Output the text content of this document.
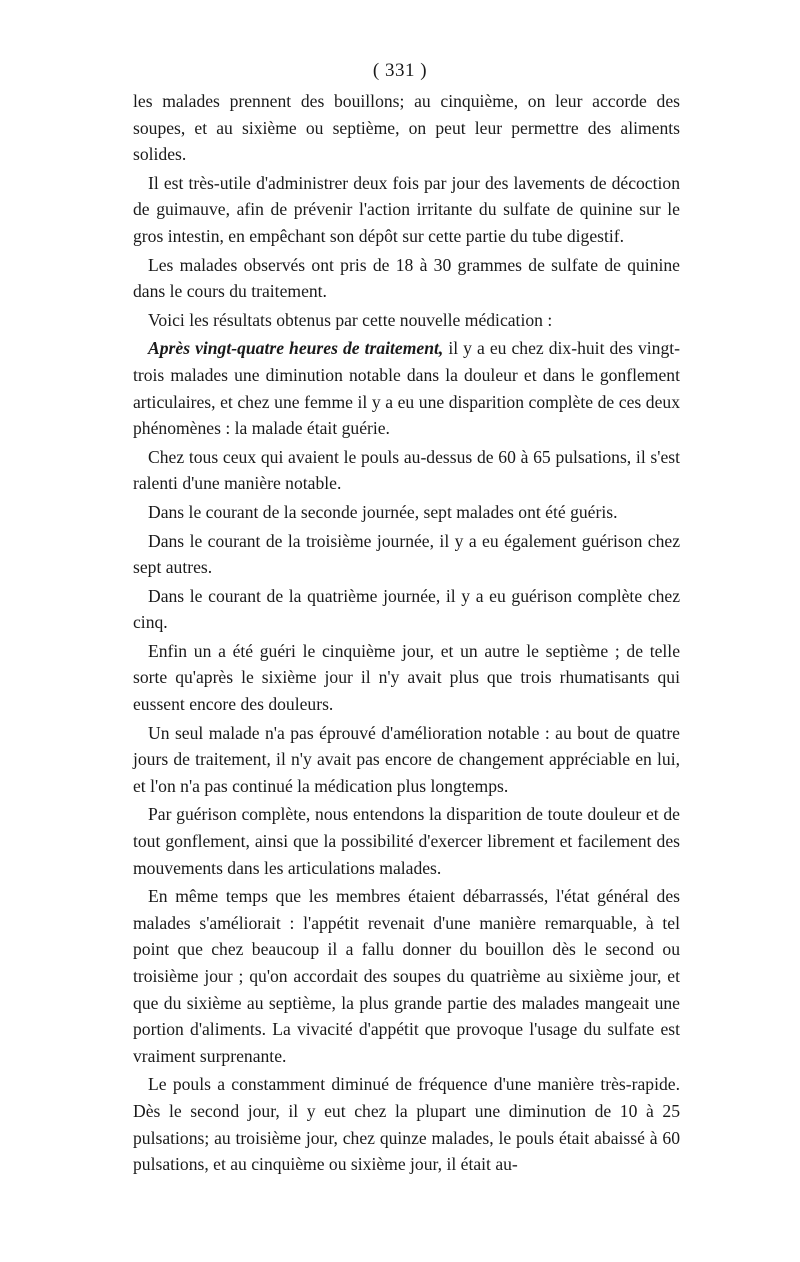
( 331 )

les malades prennent des bouillons; au cinquième, on leur accorde des soupes, et au sixième ou septième, on peut leur permettre des aliments solides.

Il est très-utile d'administrer deux fois par jour des lavements de décoction de guimauve, afin de prévenir l'action irritante du sulfate de quinine sur le gros intestin, en empêchant son dépôt sur cette partie du tube digestif.

Les malades observés ont pris de 18 à 30 grammes de sulfate de quinine dans le cours du traitement.

Voici les résultats obtenus par cette nouvelle médication :

Après vingt-quatre heures de traitement, il y a eu chez dix-huit des vingt-trois malades une diminution notable dans la douleur et dans le gonflement articulaires, et chez une femme il y a eu une disparition complète de ces deux phénomènes : la malade était guérie.

Chez tous ceux qui avaient le pouls au-dessus de 60 à 65 pulsations, il s'est ralenti d'une manière notable.

Dans le courant de la seconde journée, sept malades ont été guéris.

Dans le courant de la troisième journée, il y a eu également guérison chez sept autres.

Dans le courant de la quatrième journée, il y a eu guérison complète chez cinq.

Enfin un a été guéri le cinquième jour, et un autre le septième ; de telle sorte qu'après le sixième jour il n'y avait plus que trois rhumatisants qui eussent encore des douleurs.

Un seul malade n'a pas éprouvé d'amélioration notable : au bout de quatre jours de traitement, il n'y avait pas encore de changement appréciable en lui, et l'on n'a pas continué la médication plus longtemps.

Par guérison complète, nous entendons la disparition de toute douleur et de tout gonflement, ainsi que la possibilité d'exercer librement et facilement des mouvements dans les articulations malades.

En même temps que les membres étaient débarrassés, l'état général des malades s'améliorait : l'appétit revenait d'une manière remarquable, à tel point que chez beaucoup il a fallu donner du bouillon dès le second ou troisième jour ; qu'on accordait des soupes du quatrième au sixième jour, et que du sixième au septième, la plus grande partie des malades mangeait une portion d'aliments. La vivacité d'appétit que provoque l'usage du sulfate est vraiment surprenante.

Le pouls a constamment diminué de fréquence d'une manière très-rapide. Dès le second jour, il y eut chez la plupart une diminution de 10 à 25 pulsations; au troisième jour, chez quinze malades, le pouls était abaissé à 60 pulsations, et au cinquième ou sixième jour, il était au-
